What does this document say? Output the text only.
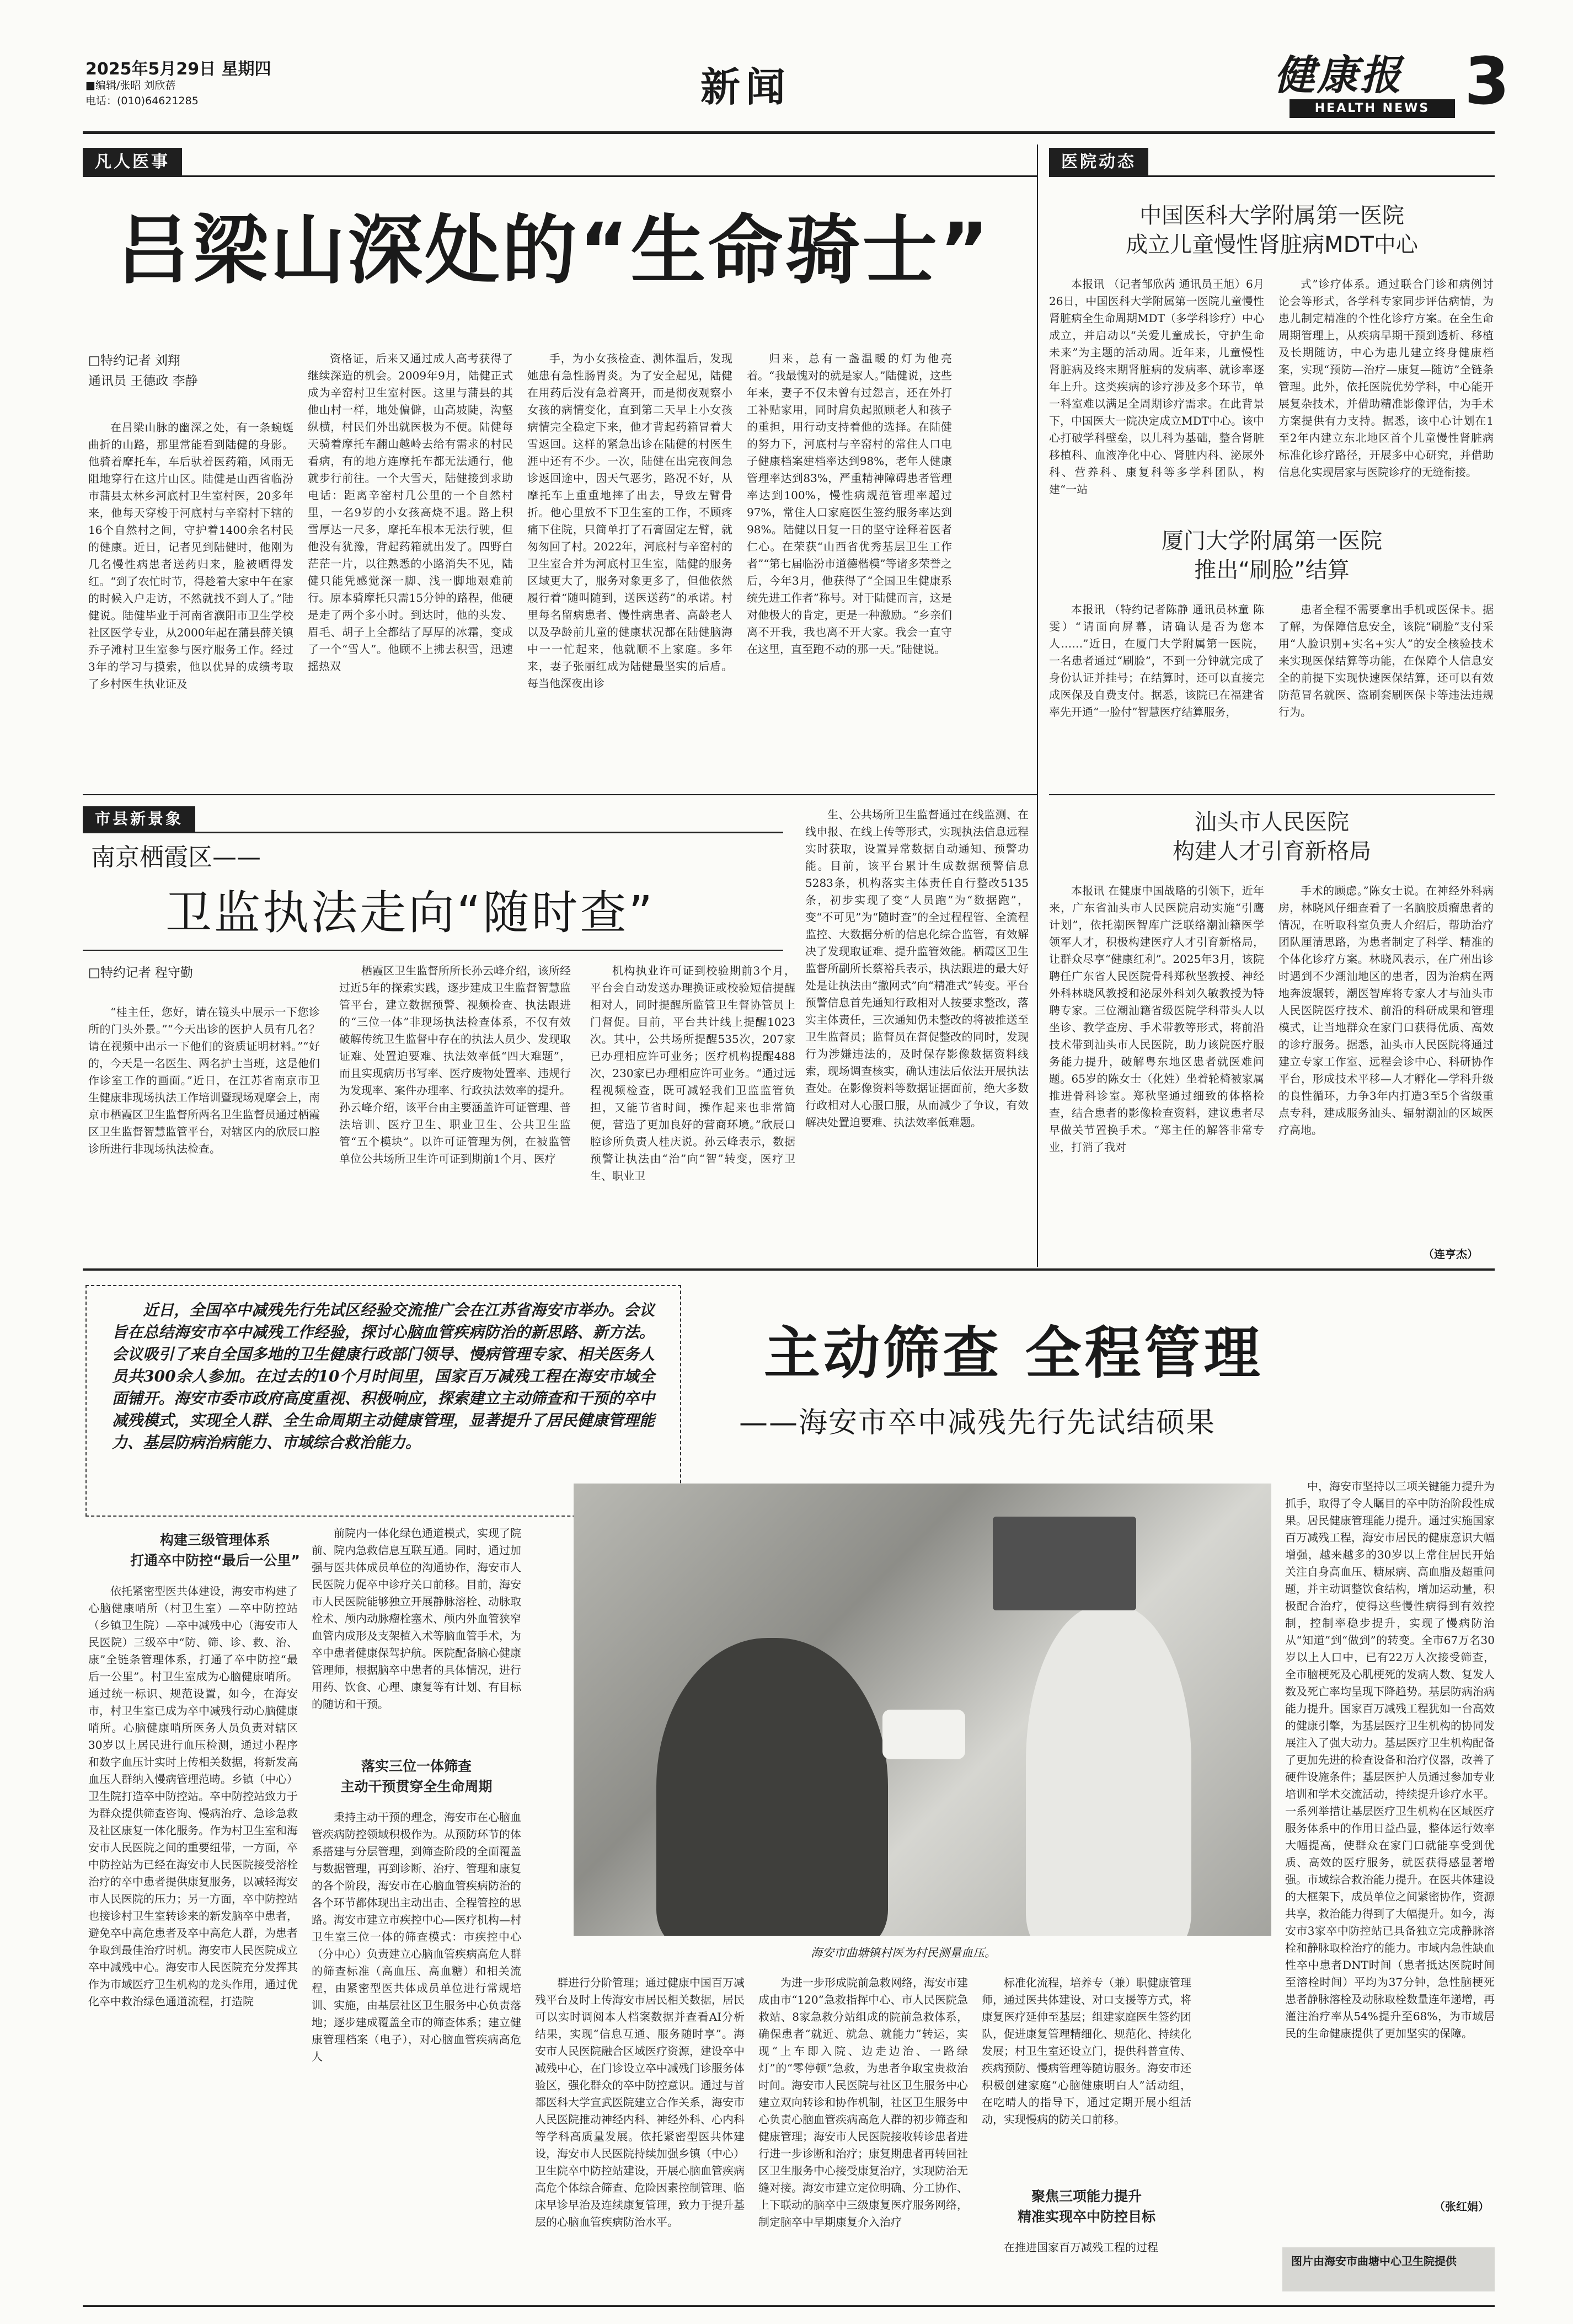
2025年5月29日 星期四
■编辑/张昭 刘欣蓓
电话：(010)64621285	新闻	健康报
HEALTH NEWS 3
凡人医事
吕梁山深处的“生命骑士”
□特约记者 刘翔
通讯员 王德政 李静

在吕梁山脉的幽深之处，有一条蜿蜒曲折的山路，那里常能看到陆健的身影。他骑着摩托车，车后驮着医药箱，风雨无阻地穿行在这片山区。陆健是山西省临汾市蒲县太林乡河底村卫生室村医，20多年来，他每天穿梭于河底村与辛窑村下辖的16个自然村之间，守护着1400余名村民的健康。近日，记者见到陆健时，他刚为几名慢性病患者送药归来，脸被晒得发红。“到了农忙时节，得趁着大家中午在家的时候入户走访，不然就找不到人了。”陆健说。陆健毕业于河南省濮阳市卫生学校社区医学专业，从2000年起在蒲县薛关镇乔子滩村卫生室参与医疗服务工作。经过3年的学习与摸索，他以优异的成绩考取了乡村医生执业证及

资格证，后来又通过成人高考获得了继续深造的机会。2009年9月，陆健正式成为辛窑村卫生室村医。这里与蒲县的其他山村一样，地处偏僻，山高坡陡，沟壑纵横，村民们外出就医极为不便。陆健每天骑着摩托车翻山越岭去给有需求的村民看病，有的地方连摩托车都无法通行，他就步行前往。一个大雪天，陆健接到求助电话：距离辛窑村几公里的一个自然村里，一名9岁的小女孩高烧不退。路上积雪厚达一尺多，摩托车根本无法行驶，但他没有犹豫，背起药箱就出发了。四野白茫茫一片，以往熟悉的小路消失不见，陆健只能凭感觉深一脚、浅一脚地艰难前行。原本骑摩托只需15分钟的路程，他硬是走了两个多小时。到达时，他的头发、眉毛、胡子上全都结了厚厚的冰霜，变成了一个“雪人”。他顾不上拂去积雪，迅速摇热双

手，为小女孩检查、测体温后，发现她患有急性肠胃炎。为了安全起见，陆健在用药后没有急着离开，而是彻夜观察小女孩的病情变化，直到第二天早上小女孩病情完全稳定下来，他才背起药箱冒着大雪返回。这样的紧急出诊在陆健的村医生涯中还有不少。一次，陆健在出完夜间急诊返回途中，因天气恶劣，路况不好，从摩托车上重重地摔了出去，导致左臂骨折。他心里放不下卫生室的工作，不顾疼痛下住院，只简单打了石膏固定左臂，就匆匆回了村。2022年，河底村与辛窑村的卫生室合并为河底村卫生室，陆健的服务区域更大了，服务对象更多了，但他依然履行着“随叫随到，送医送药”的承诺。村里每名留病患者、慢性病患者、高龄老人以及孕龄前儿童的健康状况都在陆健脑海中一一忙起来，他就顺不上家庭。多年来，妻子张丽红成为陆健最坚实的后盾。每当他深夜出诊

归来，总有一盏温暖的灯为他亮着。“我最愧对的就是家人。”陆健说，这些年来，妻子不仅未曾有过怨言，还在外打工补贴家用，同时肩负起照顾老人和孩子的重担，用行动支持着他的选择。在陆健的努力下，河底村与辛窑村的常住人口电子健康档案建档率达到98%，老年人健康管理率达到83%，严重精神障碍患者管理率达到100%，慢性病规范管理率超过97%，常住人口家庭医生签约服务率达到98%。陆健以日复一日的坚守诠释着医者仁心。在荣获“山西省优秀基层卫生工作者”“第七届临汾市道德楷模”等诸多荣誉之后，今年3月，他获得了“全国卫生健康系统先进工作者”称号。对于陆健而言，这是对他极大的肯定，更是一种激励。“乡亲们离不开我，我也离不开大家。我会一直守在这里，直至跑不动的那一天。”陆健说。

医院动态
中国医科大学附属第一医院
成立儿童慢性肾脏病MDT中心

本报讯 （记者邹欣芮 通讯员王旭）6月26日，中国医科大学附属第一医院儿童慢性肾脏病全生命周期MDT（多学科诊疗）中心成立，并启动以“关爱儿童成长，守护生命未来”为主题的活动周。近年来，儿童慢性肾脏病及终末期肾脏病的发病率、就诊率逐年上升。这类疾病的诊疗涉及多个环节，单一科室难以满足全周期诊疗需求。在此背景下，中国医大一院决定成立MDT中心。该中心打破学科壁垒，以儿科为基础，整合肾脏移植科、血液净化中心、肾脏内科、泌尿外科、营养科、康复科等多学科团队，构建“一站

式”诊疗体系。通过联合门诊和病例讨论会等形式，各学科专家同步评估病情，为患儿制定精准的个性化诊疗方案。在全生命周期管理上，从疾病早期干预到透析、移植及长期随访，中心为患儿建立终身健康档案，实现“预防—治疗—康复—随访”全链条管理。此外，依托医院优势学科，中心能开展复杂技术，并借助精准影像评估，为手术方案提供有力支持。据悉，该中心计划在1至2年内建立东北地区首个儿童慢性肾脏病标准化诊疗路径，开展多中心研究，并借助信息化实现居家与医院诊疗的无缝衔接。

厦门大学附属第一医院
推出“刷脸”结算

本报讯 （特约记者陈静 通讯员林童 陈雯）“请面向屏幕，请确认是否为您本人……”近日，在厦门大学附属第一医院，一名患者通过“刷脸”，不到一分钟就完成了身份认证并挂号；在结算时，还可以直接完成医保及自费支付。据悉，该院已在福建省率先开通“一脸付”智慧医疗结算服务，

患者全程不需要拿出手机或医保卡。据了解，为保障信息安全，该院“刷脸”支付采用“人脸识别+实名+实人”的安全核验技术来实现医保结算等功能，在保障个人信息安全的前提下实现快速医保结算，还可以有效防范冒名就医、盗刷套刷医保卡等违法违规行为。

汕头市人民医院
构建人才引育新格局

本报讯 在健康中国战略的引领下，近年来，广东省汕头市人民医院启动实施“引鹰计划”，依托潮医智库广泛联络潮汕籍医学领军人才，积极构建医疗人才引育新格局，让群众尽享“健康红利”。2025年3月，该院聘任广东省人民医院骨科郑秋坚教授、神经外科林晓风教授和泌尿外科刘久敏教授为特聘专家。三位潮汕籍省级医院学科带头人以坐诊、教学查房、手术带教等形式，将前沿技术带到汕头市人民医院，助力该院医疗服务能力提升，破解粤东地区患者就医难问题。65岁的陈女士（化姓）坐着轮椅被家属推进骨科诊室。郑秋坚通过细致的体格检查，结合患者的影像检查资料，建议患者尽早做关节置换手术。“郑主任的解答非常专业，打消了我对

手术的顾虑。”陈女士说。在神经外科病房，林晓风仔细查看了一名脑胶质瘤患者的情况，在听取科室负责人介绍后，帮助治疗团队厘清思路，为患者制定了科学、精准的个体化诊疗方案。林晓风表示，在广州出诊时遇到不少潮汕地区的患者，因为治病在两地奔波辗转，潮医智库将专家人才与汕头市人民医院医疗技术、前沿的科研成果和管理模式，让当地群众在家门口获得优质、高效的诊疗服务。据悉，汕头市人民医院将通过建立专家工作室、远程会诊中心、科研协作平台，形成技术平移—人才孵化—学科升级的良性循环，力争3年内打造3至5个省级重点专科，建成服务汕头、辐射潮汕的区域医疗高地。

（连亨杰）
市县新景象
南京栖霞区——
卫监执法走向“随时查”
□特约记者 程守勤

“桂主任，您好，请在镜头中展示一下您诊所的门头外景。”“今天出诊的医护人员有几名？请在视频中出示一下他们的资质证明材料。”“好的，今天是一名医生、两名护士当班，这是他们作诊室工作的画面。”近日，在江苏省南京市卫生健康非现场执法工作培训暨现场观摩会上，南京市栖霞区卫生监督所两名卫生监督员通过栖霞区卫生监督智慧监管平台，对辖区内的欣辰口腔诊所进行非现场执法检查。

栖霞区卫生监督所所长孙云峰介绍，该所经过近5年的探索实践，逐步建成卫生监督智慧监管平台，建立数据预警、视频检查、执法跟进的“三位一体”非现场执法检查体系，不仅有效破解传统卫生监督中存在的执法人员少、发现取证难、处置迫要难、执法效率低“四大难题”，而且实现病历书写率、医疗废物处置率、违规行为发现率、案件办理率、行政执法效率的提升。孙云峰介绍，该平台由主要涵盖许可证管理、普法培训、医疗卫生、职业卫生、公共卫生监管“五个模块”。以许可证管理为例，在被监管单位公共场所卫生许可证到期前1个月、医疗

机构执业许可证到校验期前3个月，平台会自动发送办理换证或校验短信提醒相对人，同时提醒所监管卫生督协管员上门督促。目前，平台共计线上提醒1023次。其中，公共场所提醒535次，207家已办理相应许可业务；医疗机构提醒488次，230家已办理相应许可业务。“通过远程视频检查，既可减轻我们卫监监管负担，又能节省时间，操作起来也非常简便，营造了更加良好的营商环境。”欣辰口腔诊所负责人桂庆说。孙云峰表示，数据预警让执法由“治”向“智”转变，医疗卫生、职业卫

生、公共场所卫生监督通过在线监测、在线申报、在线上传等形式，实现执法信息远程实时获取，设置异常数据自动通知、预警功能。目前，该平台累计生成数据预警信息5283条，机构落实主体责任自行整改5135条，初步实现了变“人员跑”为“数据跑”，变“不可见”为“随时查”的全过程程管、全流程监控、大数据分析的信息化综合监管，有效解决了发现取证难、提升监管效能。栖霞区卫生监督所副所长蔡裕兵表示，执法跟进的最大好处是让执法由“撒网式”向“精准式”转变。平台预警信息首先通知行政相对人按要求整改，落实主体责任，三次通知仍未整改的将被推送至卫生监督员；监督员在督促整改的同时，发现行为涉嫌违法的，及时保存影像数据资料线索，现场调查核实，确认违法后依法开展执法查处。在影像资料等数据证据面前，绝大多数行政相对人心服口服，从而减少了争议，有效解决处置迫要难、执法效率低难题。

近日，全国卒中减残先行先试区经验交流推广会在江苏省海安市举办。会议旨在总结海安市卒中减残工作经验，探讨心脑血管疾病防治的新思路、新方法。会议吸引了来自全国多地的卫生健康行政部门领导、慢病管理专家、相关医务人员共300余人参加。在过去的10个月时间里，国家百万减残工程在海安市域全面铺开。海安市委市政府高度重视、积极响应，探索建立主动筛查和干预的卒中减残模式，实现全人群、全生命周期主动健康管理，显著提升了居民健康管理能力、基层防病治病能力、市域综合救治能力。
主动筛查 全程管理
——海安市卒中减残先行先试结硕果
海安市曲塘镇村医为村民测量血压。

中，海安市坚持以三项关键能力提升为抓手，取得了令人瞩目的卒中防治阶段性成果。居民健康管理能力提升。通过实施国家百万减残工程，海安市居民的健康意识大幅增强，越来越多的30岁以上常住居民开始关注自身高血压、糖尿病、高血脂及超重问题，并主动调整饮食结构，增加运动量，积极配合治疗，使得这些慢性病得到有效控制，控制率稳步提升，实现了慢病防治从“知道”到“做到”的转变。全市67万名30岁以上人口中，已有22万人次接受筛查，全市脑梗死及心肌梗死的发病人数、复发人数及死亡率均呈现下降趋势。基层防病治病能力提升。国家百万减残工程犹如一台高效的健康引擎，为基层医疗卫生机构的协同发展注入了强大动力。基层医疗卫生机构配备了更加先进的检查设备和治疗仪器，改善了硬件设施条件；基层医护人员通过参加专业培训和学术交流活动，持续提升诊疗水平。一系列举措让基层医疗卫生机构在区域医疗服务体系中的作用日益凸显，整体运行效率大幅提高，使群众在家门口就能享受到优质、高效的医疗服务，就医获得感显著增强。市域综合救治能力提升。在医共体建设的大框架下，成员单位之间紧密协作，资源共享，救治能力得到了大幅提升。如今，海安市3家卒中防控站已具备独立完成静脉溶栓和静脉取栓治疗的能力。市域内急性缺血性卒中患者DNT时间（患者抵达医院时间至溶栓时间）平均为37分钟，急性脑梗死患者静脉溶栓及动脉取栓数量连年递增，再灌注治疗率从54%提升至68%，为市域居民的生命健康提供了更加坚实的保障。

（张红娟）
图片由海安市曲塘中心卫生院提供
构建三级管理体系
打通卒中防控“最后一公里”

依托紧密型医共体建设，海安市构建了心脑健康哨所（村卫生室）—卒中防控站（乡镇卫生院）—卒中减残中心（海安市人民医院）三级卒中“防、筛、诊、救、治、康”全链条管理体系，打通了卒中防控“最后一公里”。村卫生室成为心脑健康哨所。通过统一标识、规范设置，如今，在海安市，村卫生室已成为卒中减残行动心脑健康哨所。心脑健康哨所医务人员负责对辖区30岁以上居民进行血压检测，通过小程序和数字血压计实时上传相关数据，将新发高血压人群纳入慢病管理范畴。乡镇（中心）卫生院打造卒中防控站。卒中防控站致力于为群众提供筛查咨询、慢病治疗、急诊急救及社区康复一体化服务。作为村卫生室和海安市人民医院之间的重要纽带，一方面，卒中防控站为已经在海安市人民医院接受溶栓治疗的卒中患者提供康复服务，以减轻海安市人民医院的压力；另一方面，卒中防控站也接诊村卫生室转诊来的新发脑卒中患者，避免卒中高危患者及卒中高危人群，为患者争取到最佳治疗时机。海安市人民医院成立卒中减残中心。海安市人民医院充分发挥其作为市域医疗卫生机构的龙头作用，通过优化卒中救治绿色通道流程，打造院

前院内一体化绿色通道模式，实现了院前、院内急救信息互联互通。同时，通过加强与医共体成员单位的沟通协作，海安市人民医院力促卒中诊疗关口前移。目前，海安市人民医院能够独立开展静脉溶栓、动脉取栓术、颅内动脉瘤栓塞术、颅内外血管狭窄血管内成形及支架植入术等脑血管手术，为卒中患者健康保驾护航。医院配备脑心健康管理师，根据脑卒中患者的具体情况，进行用药、饮食、心理、康复等有计划、有目标的随访和干预。

落实三位一体筛查
主动干预贯穿全生命周期

秉持主动干预的理念，海安市在心脑血管疾病防控领域积极作为。从预防环节的体系搭建与分层管理，到筛查阶段的全面覆盖与数据管理，再到诊断、治疗、管理和康复的各个阶段，海安市在心脑血管疾病防治的各个环节都体现出主动出击、全程管控的思路。海安市建立市疾控中心—医疗机构—村卫生室三位一体的筛查模式：市疾控中心（分中心）负责建立心脑血管疾病高危人群的筛查标准（高血压、高血糖）和相关流程，由紧密型医共体成员单位进行常规培训、实施，由基层社区卫生服务中心负责落地；逐步建成覆盖全市的筛查体系；建立健康管理档案（电子），对心脑血管疾病高危人

群进行分阶管理；通过健康中国百万减残平台及时上传海安市居民相关数据，居民可以实时调阅本人档案数据并查看AI分析结果，实现“信息互通、服务随时享”。海安市人民医院融合区域医疗资源，建设卒中减残中心，在门诊设立卒中减残门诊服务体验区，强化群众的卒中防控意识。通过与首都医科大学宣武医院建立合作关系，海安市人民医院推动神经内科、神经外科、心内科等学科高质量发展。依托紧密型医共体建设，海安市人民医院持续加强乡镇（中心）卫生院卒中防控站建设，开展心脑血管疾病高危个体综合筛查、危险因素控制管理、临床早诊早治及连续康复管理，致力于提升基层的心脑血管疾病防治水平。

为进一步形成院前急救网络，海安市建成由市“120”急救指挥中心、市人民医院急救站、8家急救分站组成的院前急救体系，确保患者“就近、就急、就能力”转运，实现“上车即入院、边走边治、一路绿灯”的“零停顿”急救，为患者争取宝贵救治时间。海安市人民医院与社区卫生服务中心建立双向转诊和协作机制，社区卫生服务中心负责心脑血管疾病高危人群的初步筛查和健康管理；海安市人民医院接收转诊患者进行进一步诊断和治疗；康复期患者再转回社区卫生服务中心接受康复治疗，实现防治无缝对接。海安市建立定位明确、分工协作、上下联动的脑卒中三级康复医疗服务网络，制定脑卒中早期康复介入治疗

标准化流程，培养专（兼）职健康管理师，通过医共体建设、对口支援等方式，将康复医疗延伸至基层；组建家庭医生签约团队，促进康复管理精细化、规范化、持续化发展；村卫生室还设立门，提供科普宣传、疾病预防、慢病管理等随访服务。海安市还积极创建家庭“心脑健康明白人”活动组，在吃晴人的指导下，通过定期开展小组活动，实现慢病的防关口前移。

聚焦三项能力提升
精准实现卒中防控目标

在推进国家百万减残工程的过程
